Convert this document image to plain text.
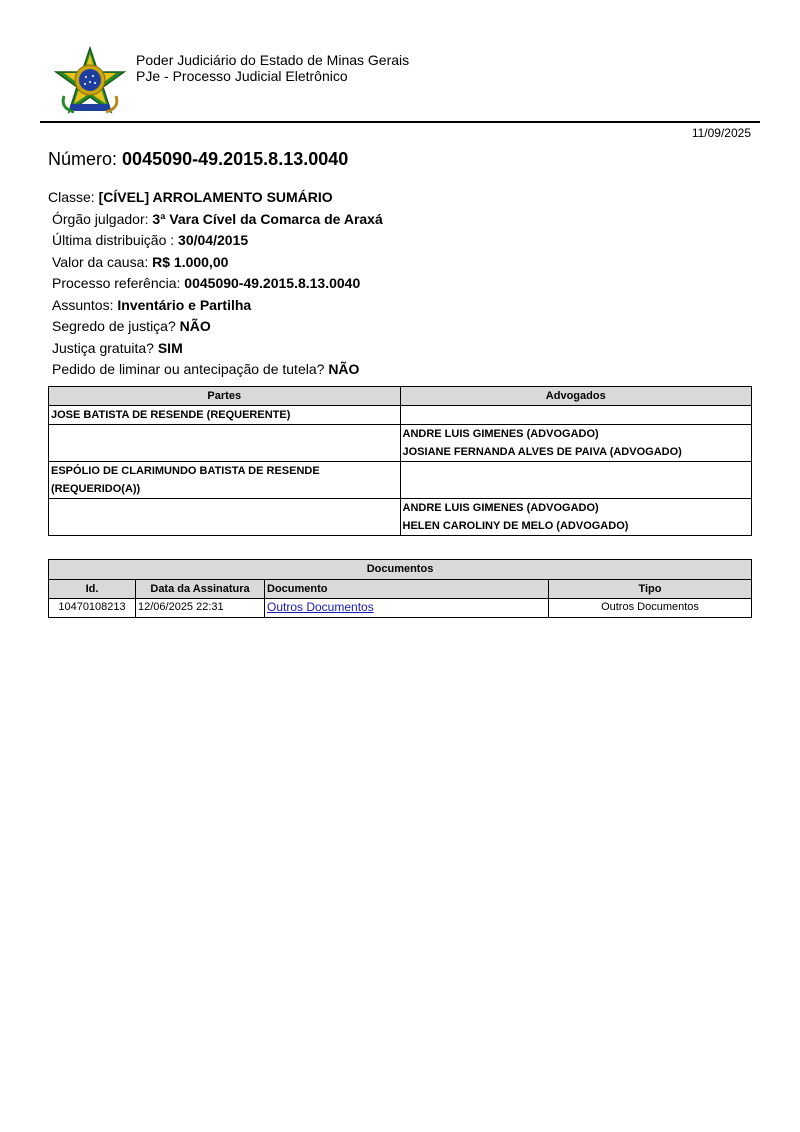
Poder Judiciário do Estado de Minas Gerais
PJe - Processo Judicial Eletrônico
11/09/2025
Número: 0045090-49.2015.8.13.0040
Classe: [CÍVEL] ARROLAMENTO SUMÁRIO
Órgão julgador: 3ª Vara Cível da Comarca de Araxá
Última distribuição : 30/04/2015
Valor da causa: R$ 1.000,00
Processo referência: 0045090-49.2015.8.13.0040
Assuntos: Inventário e Partilha
Segredo de justiça? NÃO
Justiça gratuita? SIM
Pedido de liminar ou antecipação de tutela? NÃO
Partes	Advogados
JOSE BATISTA DE RESENDE (REQUERENTE)	

	ANDRE LUIS GIMENES (ADVOGADO)
JOSIANE FERNANDA ALVES DE PAIVA (ADVOGADO)

ESPÓLIO DE CLARIMUNDO BATISTA DE RESENDE
(REQUERIDO(A))	

	ANDRE LUIS GIMENES (ADVOGADO)
HELEN CAROLINY DE MELO (ADVOGADO)
Documentos			
Id.	Data da Assinatura	Documento	Tipo
10470108213	12/06/2025 22:31	Outros Documentos	Outros Documentos
